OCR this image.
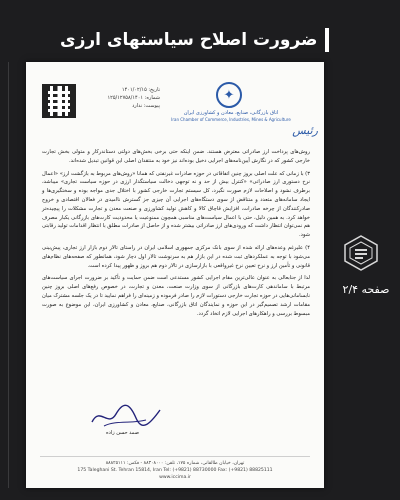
ضرورت اصلاح سیاستهای ارزی
تاریخ: ۱۴۰۱/۰۲/۱۵
شماره: ۱۲۵/۱۲۷۵۸/۱۴۰۱
پیوست: ندارد
✦
اتاق بازرگانی، صنایع، معادن و کشاورزی ایران
Iran Chamber of Commerce, Industries, Mines & Agriculture
رئیس

روش‌های پرداخت ارز صادراتی معترض هستند. ضمن اینکه حتی برخی بخش‌های دولتی دستاندرکار و متولی بخش تجارت خارجی کشور که در نگارش آیین‌نامه‌های اجرایی دخیل بوده‌اند نیز خود به منتقدان اصلی این قوانین تبدیل شده‌اند.

۳) با زمانی که علت اصلی بروز چنین اتفاقاتی در حوزه صادرات غیرنفتی که همانا «روش‌های مربوط به بازگشت ارز» «اعمال نرخ دستوری ارز صادراتی» «کنترل بیش از حد و نه توجهی دخالت سیاستگذار ارزی در حوزه سیاست تجاری» میباشد، برطرف نشود و اصلاحات لازم صورت نگیرد، کل سیستم تجارت خارجی کشور با اختلال جدی مواجه بوده و سختگیری‌ها و ایجاد سامانه‌های متعدد و متناقض از سوی دستگاه‌های اجرایی آن چیزی جز گسترش ناامیدی در فعالان اقتصادی و خروج صادرکنندگان از چرخه صادرات، افزایش قاچاق کالا و کاهش تولید کشاورزی و صنعت معدن و تجارت مشکلات را پیچیده‌تر خواهد کرد. به همین دلیل، حتی با اعمال سیاست‌های مناسبی همچون ممنوعیت یا محدودیت کارت‌های بازرگانی یکبار مصرف هم نمی‌توان انتظار داشت که ورودی‌های ارز صادراتی بیشتر شده و از حاصل از صادرات مطلق با انتظار اقدامات تولید رقابتی شود.

۴) علیرغم وعده‌های ارائه شده از سوی بانک مرکزی جمهوری اسلامی ایران در راستای تالار دوم بازار ارز تجاری، پیش‌بینی می‌شود با توجه به عملکردهای ثبت شده در این بازار هم به سرنوشت تالار اول دچار شود، همانطور که صفحه‌های نظام‌های قانونی و تأمین ارز و نرخ تعیین نرخ غیرواقعی با بازارسازی در تالار دوم هم بروز و ظهور پیدا کرده است.

لذا از جنابعالی به عنوان عالی‌ترین مقام اجرایی کشور مستدعی است ضمن حمایت و تأکید بر ضرورت اجرای سیاست‌های مرتبط با ساماندهی کارت‌های بازرگانی از سوی وزارت صنعت، معدن و تجارت، در خصوص رفع‌های اصلی بروز چنین نابسامانی‌هایی در حوزه تجارت خارجی دستورات لازم را صادر فرموده و زمینه‌ای را فراهم نمایید تا در یک جلسه مشترک میان مقامات ارشد تصمیم‌گیر در این حوزه و نمایندگان اتاق بازرگانی، صنایع، معادن و کشاورزی ایران، این موضوع به صورت مبسوط بررسی و راهکارهای اجرایی لازم اتخاذ گردد.

صمد حسن زاده
تهران، خیابان طالقانی، شماره ۱۷۵، تلفن: ۸۸۳۰۸۰۰۰ - فکس: ۸۸۸۲۵۱۱۱
175 Taleghani St. Tehran 15814, Iran Tel: (+9821) 88730000 Fax: (+9821) 88825111
www.iccima.ir
صفحه ۲/۴
